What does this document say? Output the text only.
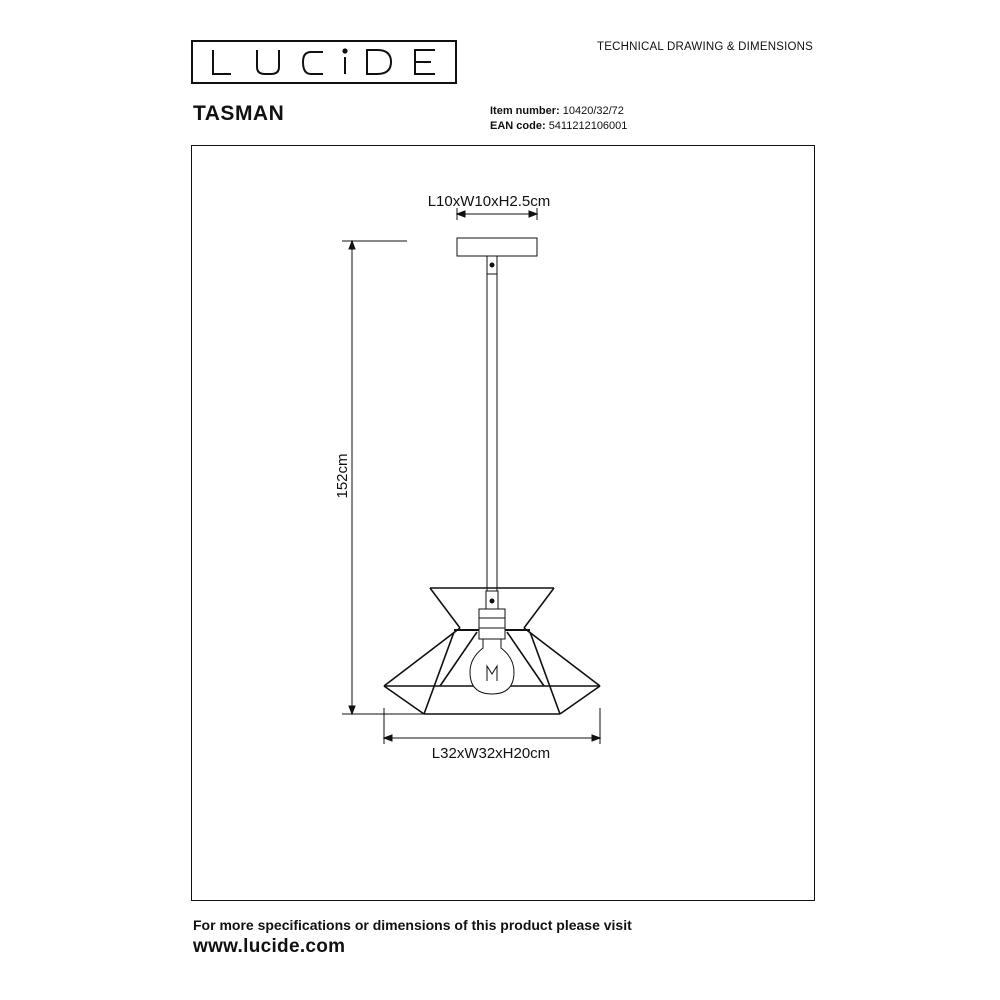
TECHNICAL DRAWING & DIMENSIONS
TASMAN	Item number: 10420/32/72
EAN code: 5411212106001
L10xW10xH2.5cm
152cm
L32xW32xH20cm
For more specifications or dimensions of this product please visit
www.lucide.com
